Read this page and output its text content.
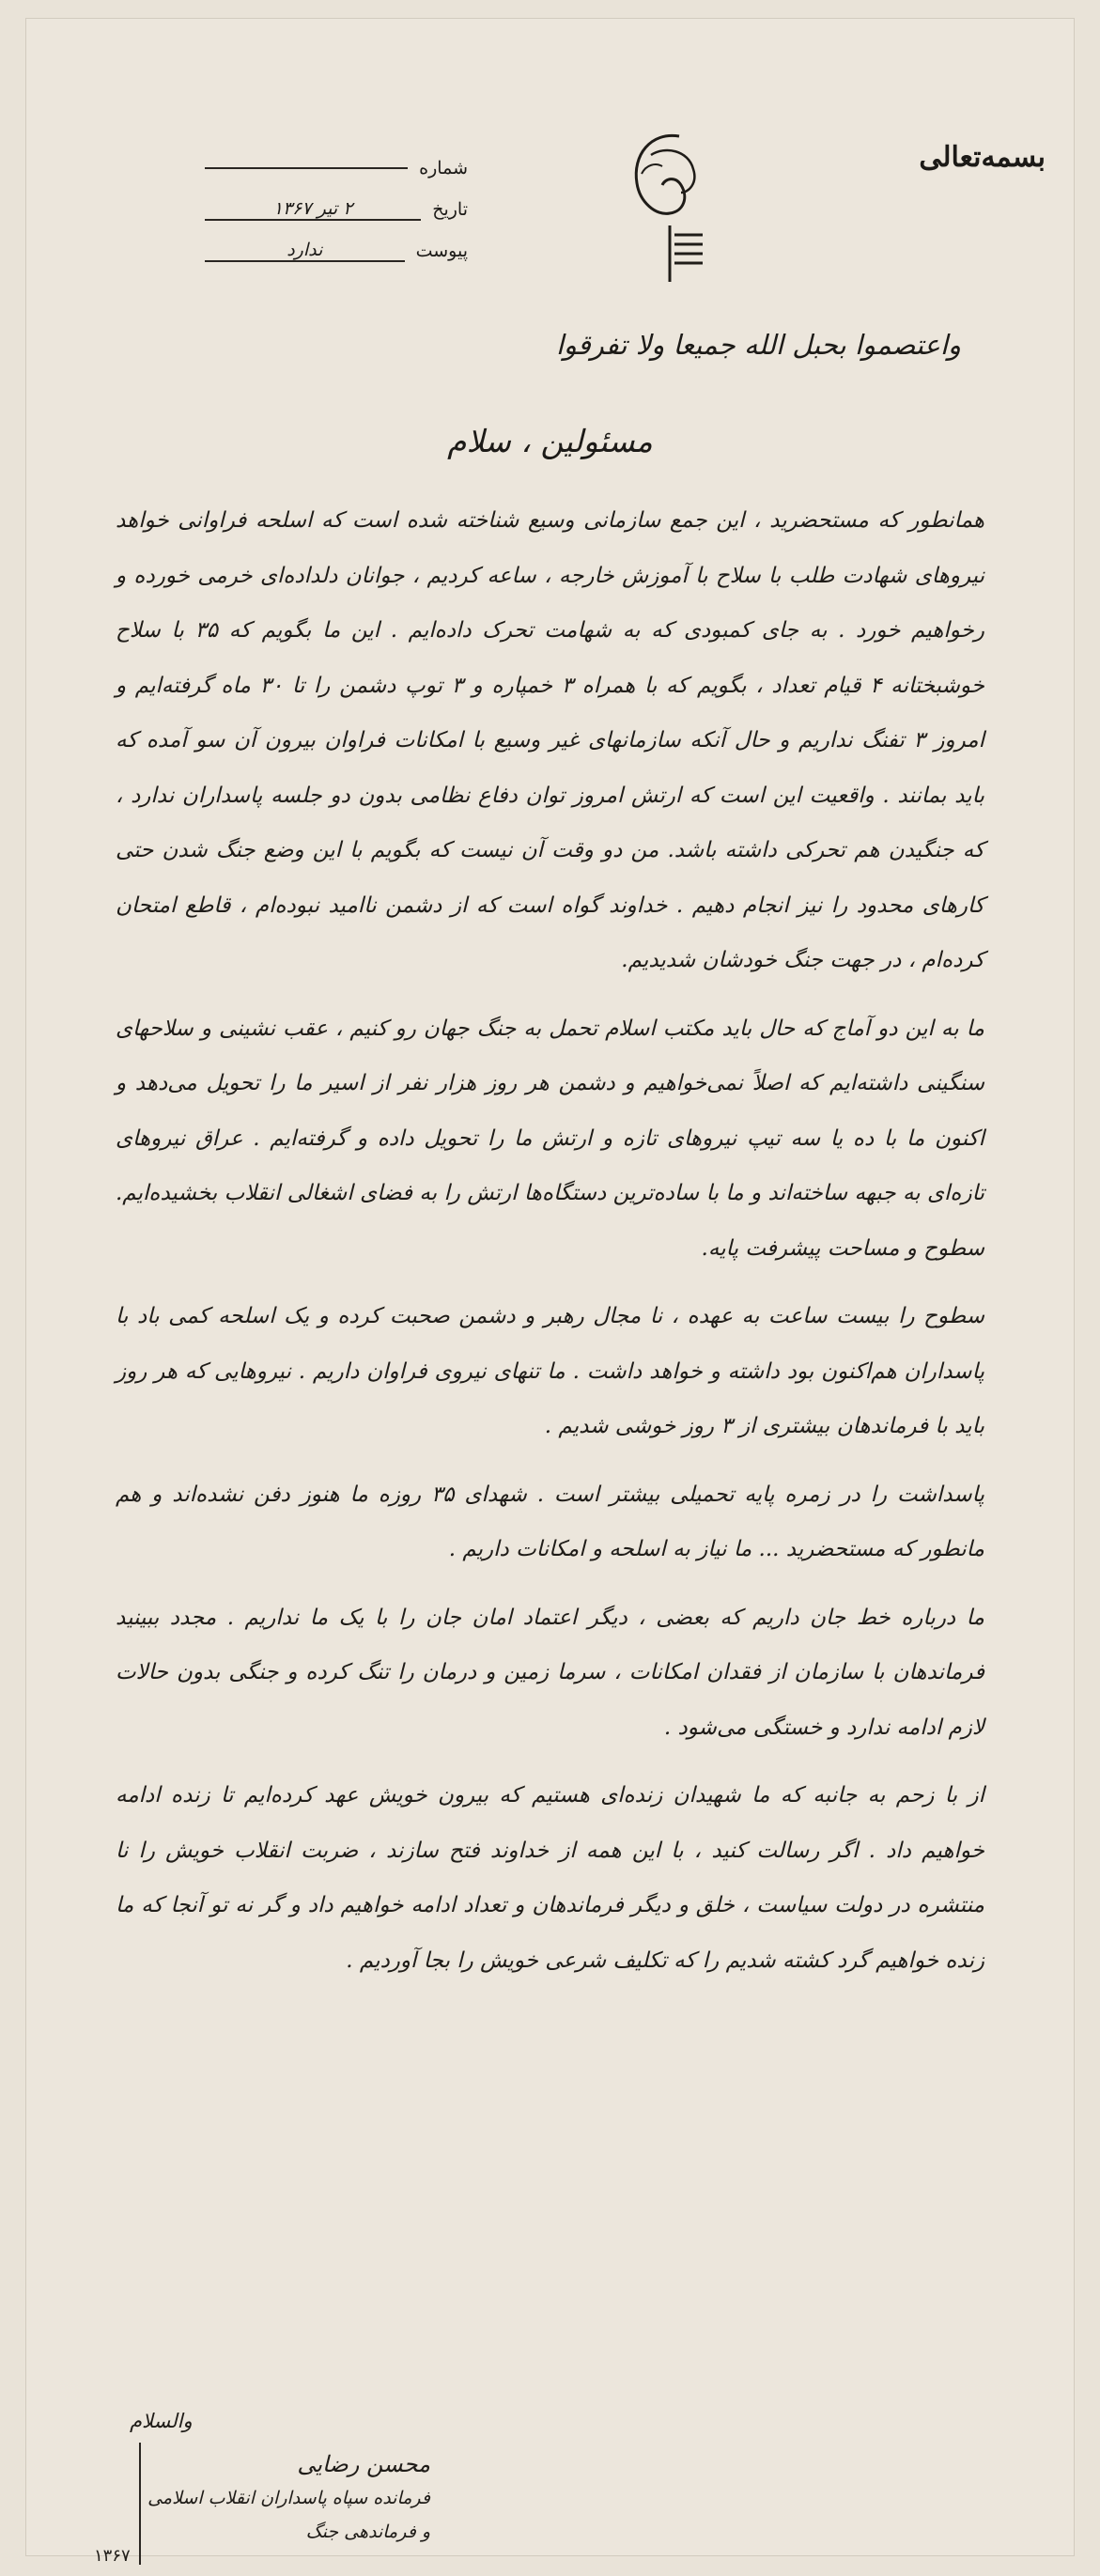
بسمه‌تعالی
شماره
تاریخ
۲ تیر ۱۳۶۷
پیوست
ندارد
واعتصموا بحبل الله جمیعا ولا تفرقوا
مسئولین ، سلام

همانطور که مستحضرید ، این جمع سازمانی وسیع شناخته شده است که اسلحه فراوانی خواهد نیروهای شهادت طلب با سلاح با آموزش خارجه ، ساعه کردیم ، جوانان دلداده‌ای خرمی خورده و رخواهیم خورد . به جای کمبودی که به شهامت تحرک داده‌ایم . این ما بگویم که ۳۵ با سلاح خوشبختانه ۴ قیام تعداد ، بگویم که با همراه ۳ خمپاره و ۳ توپ دشمن را تا ۳۰ ماه گرفته‌ایم و امروز ۳ تفنگ نداریم و حال آنکه سازمانهای غیر وسیع با امکانات فراوان بیرون آن سو آمده که باید بمانند . واقعیت این است که ارتش امروز توان دفاع نظامی بدون دو جلسه پاسداران ندارد ، که جنگیدن هم تحرکی داشته باشد. من دو وقت آن نیست که بگویم با این وضع جنگ شدن حتی کارهای محدود را نیز انجام دهیم . خداوند گواه است که از دشمن ناامید نبوده‌ام ، قاطع امتحان کرده‌ام ، در جهت جنگ خودشان شدیدیم.

ما به این دو آماج که حال باید مکتب اسلام تحمل به جنگ جهان رو کنیم ، عقب نشینی و سلاحهای سنگینی داشته‌ایم که اصلاً نمی‌خواهیم و دشمن هر روز هزار نفر از اسیر ما را تحویل می‌دهد و اکنون ما با ده یا سه تیپ نیروهای تازه و ارتش ما را تحویل داده و گرفته‌ایم . عراق نیروهای تازه‌ای به جبهه ساخته‌اند و ما با ساده‌ترین دستگاه‌ها ارتش را به فضای اشغالی انقلاب بخشیده‌ایم. سطوح و مساحت پیشرفت پایه.

سطوح را بیست ساعت به عهده ، نا مجال رهبر و دشمن صحبت کرده و یک اسلحه کمی باد با پاسداران هم‌اکنون بود داشته و خواهد داشت . ما تنهای نیروی فراوان داریم . نیروهایی که هر روز باید با فرماندهان بیشتری از ۳ روز خوشی شدیم .

پاسداشت را در زمره پایه تحمیلی بیشتر است . شهدای ۳۵ روزه ما هنوز دفن نشده‌اند و هم مانطور که مستحضرید ... ما نیاز به اسلحه و امکانات داریم .

ما درباره خط جان داریم که بعضی ، دیگر اعتماد امان جان را با یک ما نداریم . مجدد ببینید فرماندهان با سازمان از فقدان امکانات ، سرما زمین و درمان را تنگ کرده و جنگی بدون حالات لازم ادامه ندارد و خستگی می‌شود .

از با زحم به جانبه که ما شهیدان زنده‌ای هستیم که بیرون خویش عهد کرده‌ایم تا زنده ادامه خواهیم داد . اگر رسالت کنید ، با این همه از خداوند فتح سازند ، ضربت انقلاب خویش را نا منتشره در دولت سیاست ، خلق و دیگر فرماندهان و تعداد ادامه خواهیم داد و گر نه تو آنجا که ما زنده خواهیم گرد کشته شدیم را که تکلیف شرعی خویش را بجا آوردیم .

والسلام
محسن رضایی
فرمانده سپاه پاسداران انقلاب اسلامی
و فرماندهی جنگ
۱۳۶۷
